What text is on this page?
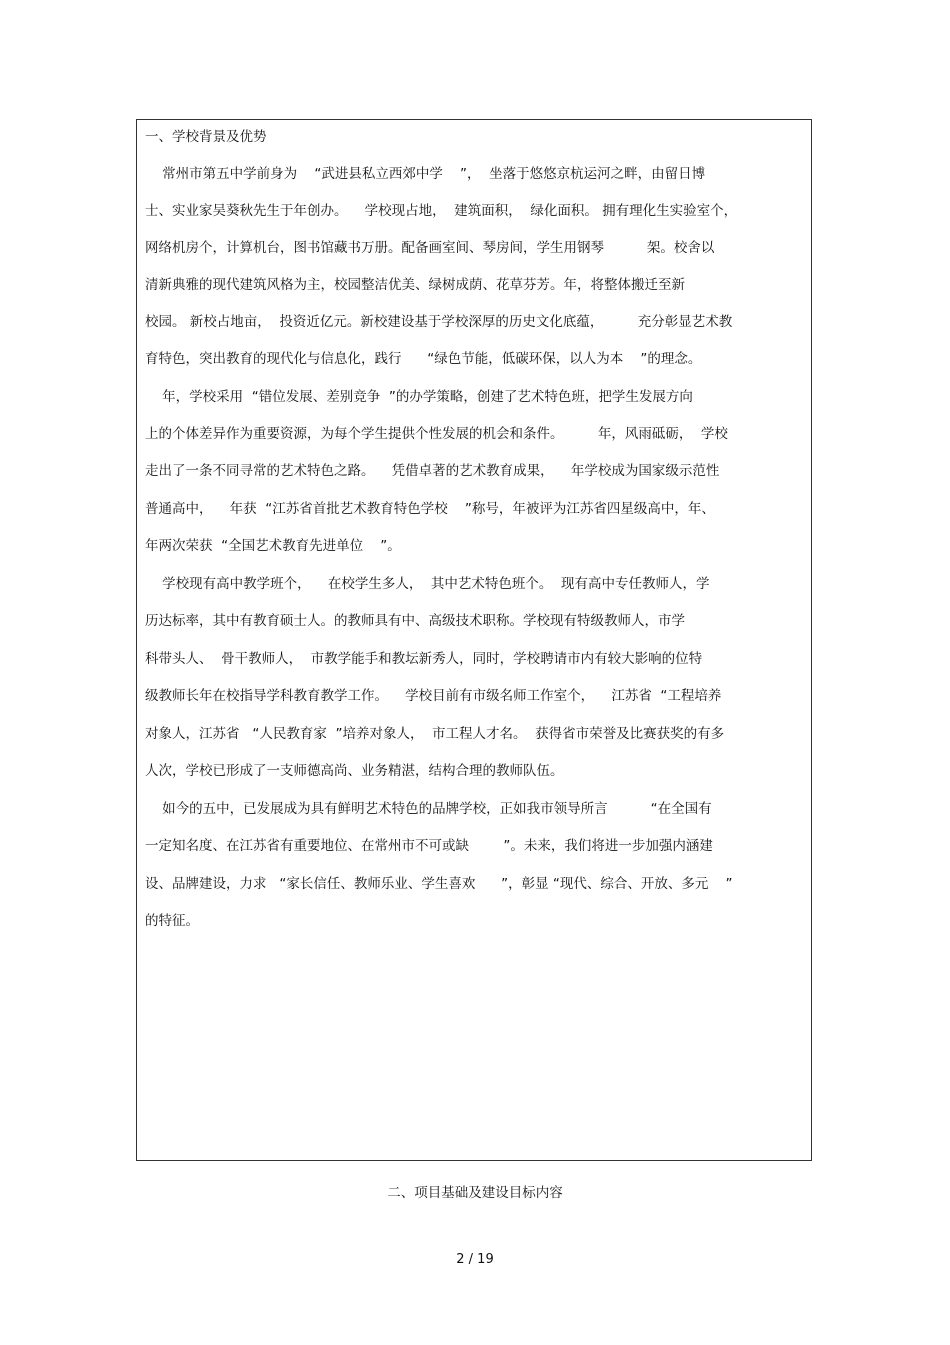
一、学校背景及优势
常州市第五中学前身为    “武进县私立西郊中学    ”，  坐落于悠悠京杭运河之畔，由留日博
士、实业家吴葵秋先生于年创办。    学校现占地，  建筑面积，  绿化面积。 拥有理化生实验室个，
网络机房个，计算机台，图书馆藏书万册。配备画室间、琴房间，学生用钢琴          架。校舍以
清新典雅的现代建筑风格为主，校园整洁优美、绿树成荫、花草芬芳。年，将整体搬迁至新
校园。 新校占地亩，  投资近亿元。新校建设基于学校深厚的历史文化底蕴，        充分彰显艺术教
育特色，突出教育的现代化与信息化，践行      “绿色节能，低碳环保，以人为本    ”的理念。
年，学校采用  “错位发展、差别竞争  ”的办学策略，创建了艺术特色班，把学生发展方向
上的个体差异作为重要资源，为每个学生提供个性发展的机会和条件。        年，风雨砥砺，  学校
走出了一条不同寻常的艺术特色之路。    凭借卓著的艺术教育成果，    年学校成为国家级示范性
普通高中，    年获  “江苏省首批艺术教育特色学校    ”称号，年被评为江苏省四星级高中，年、
年两次荣获  “全国艺术教育先进单位    ”。
学校现有高中教学班个，    在校学生多人，  其中艺术特色班个。  现有高中专任教师人，学
历达标率，其中有教育硕士人。的教师具有中、高级技术职称。学校现有特级教师人，市学
科带头人、  骨干教师人，  市教学能手和教坛新秀人，同时，学校聘请市内有较大影响的位特
级教师长年在校指导学科教育教学工作。    学校目前有市级名师工作室个，    江苏省  “工程培养
对象人，江苏省   “人民教育家  ”培养对象人，  市工程人才名。  获得省市荣誉及比赛获奖的有多
人次，学校已形成了一支师德高尚、业务精湛，结构合理的教师队伍。
如今的五中，已发展成为具有鲜明艺术特色的品牌学校，正如我市领导所言          “在全国有
一定知名度、在江苏省有重要地位、在常州市不可或缺        ”。未来，我们将进一步加强内涵建
设、品牌建设，力求   “家长信任、教师乐业、学生喜欢      ”，彰显 “现代、综合、开放、多元    ”
的特征。
二、项目基础及建设目标内容
2 / 19
